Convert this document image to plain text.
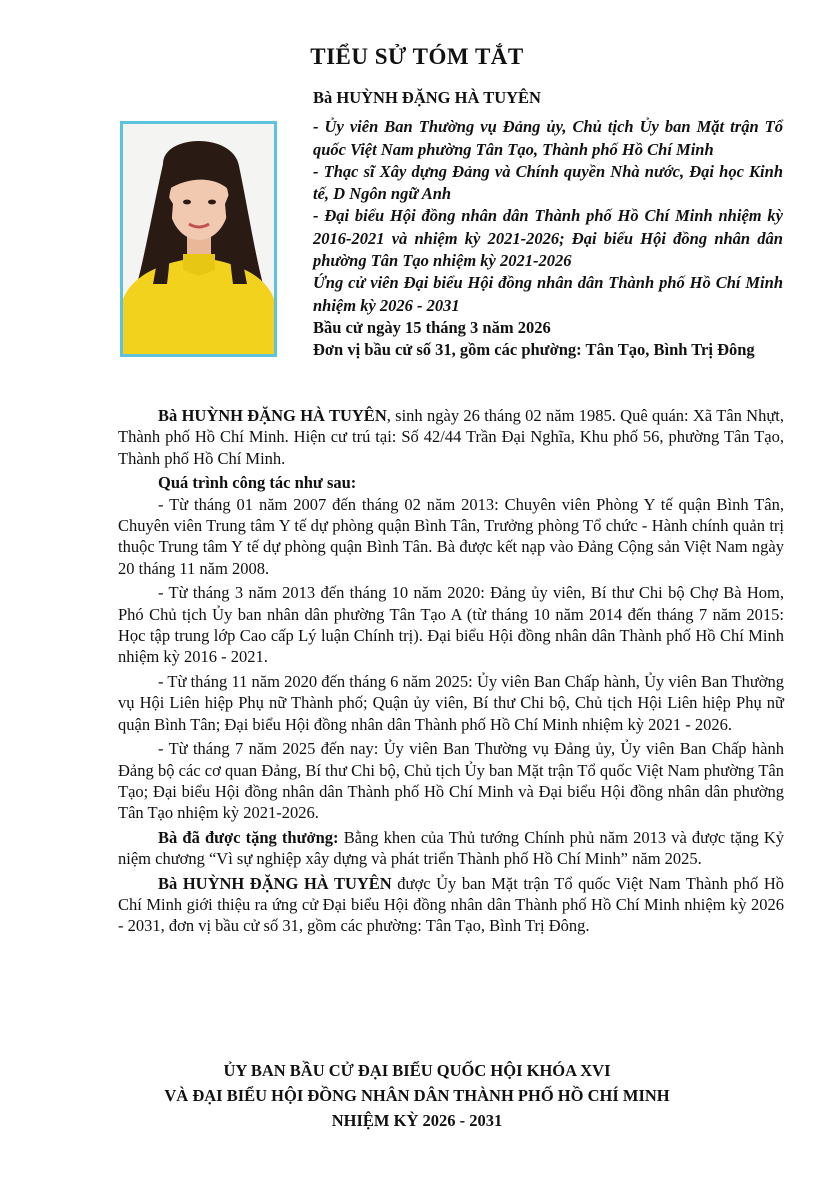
TIỂU SỬ TÓM TẮT
Bà HUỲNH ĐẶNG HÀ TUYÊN

- Ủy viên Ban Thường vụ Đảng ủy, Chủ tịch Ủy ban Mặt trận Tổ quốc Việt Nam phường Tân Tạo, Thành phố Hồ Chí Minh

- Thạc sĩ Xây dựng Đảng và Chính quyền Nhà nước, Đại học Kinh tế, D Ngôn ngữ Anh

- Đại biểu Hội đồng nhân dân Thành phố Hồ Chí Minh nhiệm kỳ 2016-2021 và nhiệm kỳ 2021-2026; Đại biểu Hội đồng nhân dân phường Tân Tạo nhiệm kỳ 2021-2026

Ứng cử viên Đại biểu Hội đồng nhân dân Thành phố Hồ Chí Minh nhiệm kỳ 2026 - 2031

Bầu cử ngày 15 tháng 3 năm 2026

Đơn vị bầu cử số 31, gồm các phường: Tân Tạo, Bình Trị Đông

Bà HUỲNH ĐẶNG HÀ TUYÊN, sinh ngày 26 tháng 02 năm 1985. Quê quán: Xã Tân Nhựt, Thành phố Hồ Chí Minh. Hiện cư trú tại: Số 42/44 Trần Đại Nghĩa, Khu phố 56, phường Tân Tạo, Thành phố Hồ Chí Minh.

Quá trình công tác như sau:

- Từ tháng 01 năm 2007 đến tháng 02 năm 2013: Chuyên viên Phòng Y tế quận Bình Tân, Chuyên viên Trung tâm Y tế dự phòng quận Bình Tân, Trưởng phòng Tổ chức - Hành chính quản trị thuộc Trung tâm Y tế dự phòng quận Bình Tân. Bà được kết nạp vào Đảng Cộng sản Việt Nam ngày 20 tháng 11 năm 2008.

- Từ tháng 3 năm 2013 đến tháng 10 năm 2020: Đảng ủy viên, Bí thư Chi bộ Chợ Bà Hom, Phó Chủ tịch Ủy ban nhân dân phường Tân Tạo A (từ tháng 10 năm 2014 đến tháng 7 năm 2015: Học tập trung lớp Cao cấp Lý luận Chính trị). Đại biểu Hội đồng nhân dân Thành phố Hồ Chí Minh nhiệm kỳ 2016 - 2021.

- Từ tháng 11 năm 2020 đến tháng 6 năm 2025: Ủy viên Ban Chấp hành, Ủy viên Ban Thường vụ Hội Liên hiệp Phụ nữ Thành phố; Quận ủy viên, Bí thư Chi bộ, Chủ tịch Hội Liên hiệp Phụ nữ quận Bình Tân; Đại biểu Hội đồng nhân dân Thành phố Hồ Chí Minh nhiệm kỳ 2021 - 2026.

- Từ tháng 7 năm 2025 đến nay: Ủy viên Ban Thường vụ Đảng ủy, Ủy viên Ban Chấp hành Đảng bộ các cơ quan Đảng, Bí thư Chi bộ, Chủ tịch Ủy ban Mặt trận Tổ quốc Việt Nam phường Tân Tạo; Đại biểu Hội đồng nhân dân Thành phố Hồ Chí Minh và Đại biểu Hội đồng nhân dân phường Tân Tạo nhiệm kỳ 2021-2026.

Bà đã được tặng thưởng: Bằng khen của Thủ tướng Chính phủ năm 2013 và được tặng Kỷ niệm chương “Vì sự nghiệp xây dựng và phát triển Thành phố Hồ Chí Minh” năm 2025.

Bà HUỲNH ĐẶNG HÀ TUYÊN được Ủy ban Mặt trận Tổ quốc Việt Nam Thành phố Hồ Chí Minh giới thiệu ra ứng cử Đại biểu Hội đồng nhân dân Thành phố Hồ Chí Minh nhiệm kỳ 2026 - 2031, đơn vị bầu cử số 31, gồm các phường: Tân Tạo, Bình Trị Đông.

ỦY BAN BẦU CỬ ĐẠI BIỂU QUỐC HỘI KHÓA XVI
VÀ ĐẠI BIỂU HỘI ĐỒNG NHÂN DÂN THÀNH PHỐ HỒ CHÍ MINH
NHIỆM KỲ 2026 - 2031
